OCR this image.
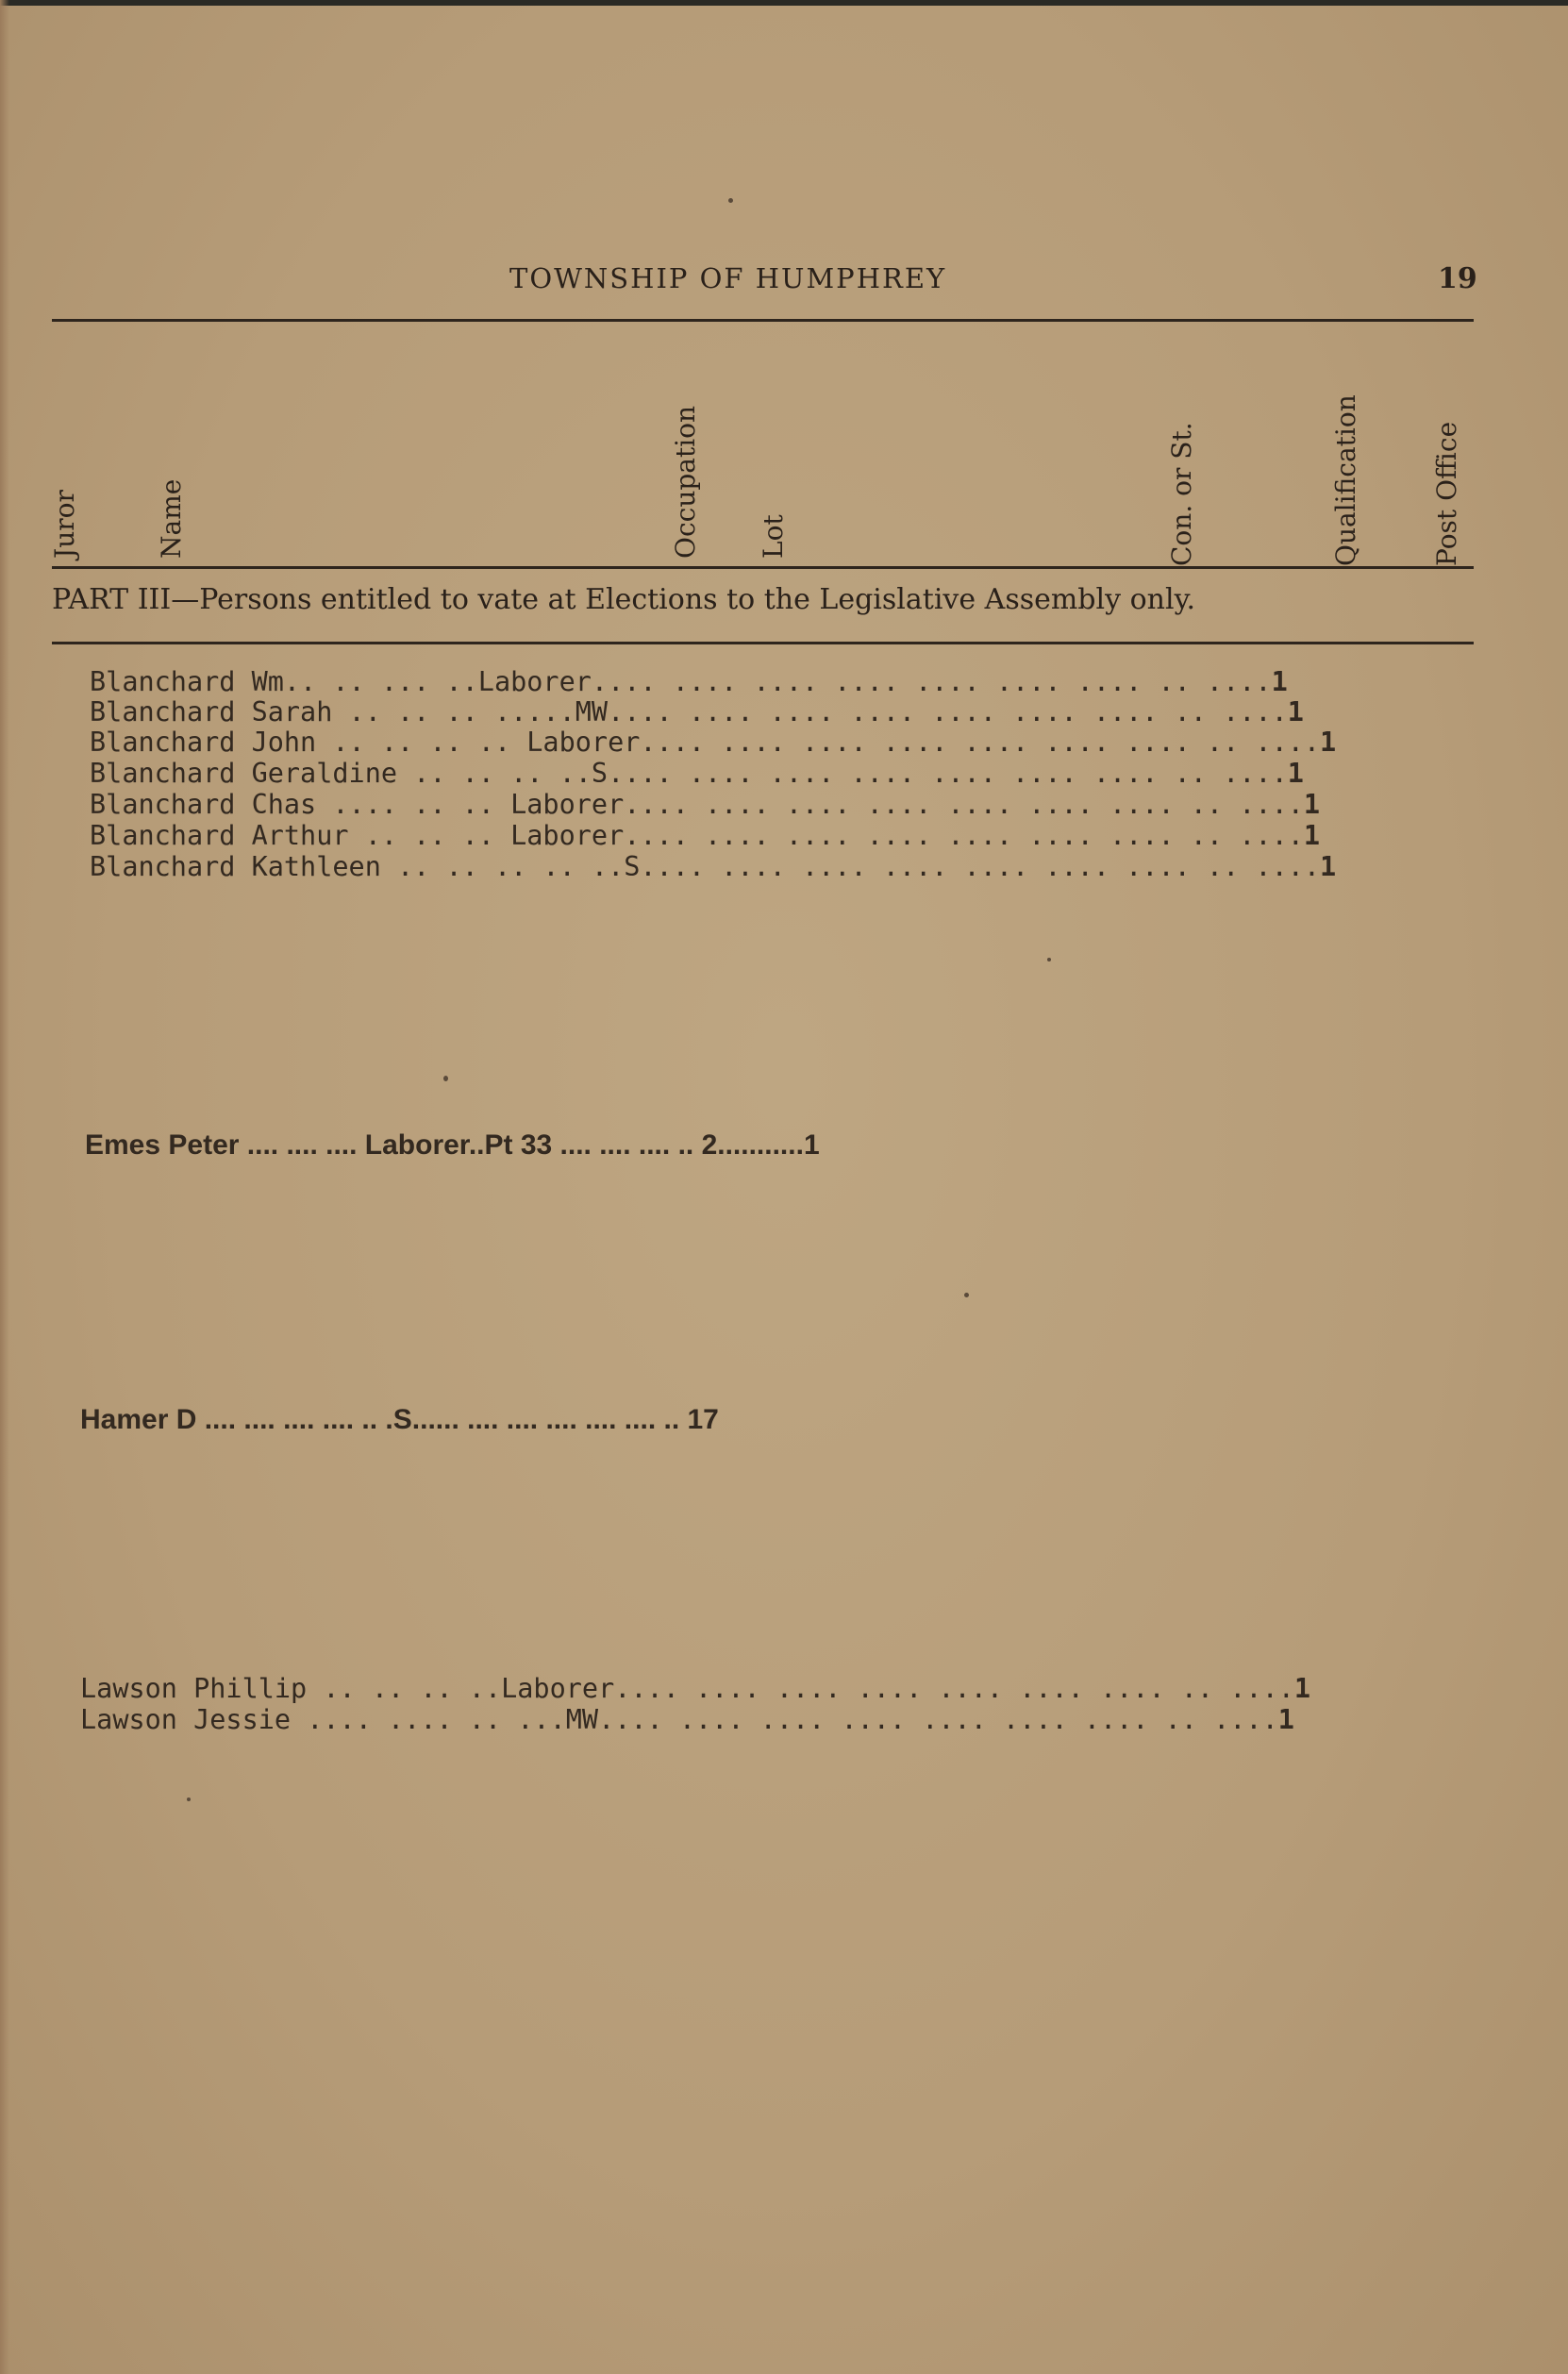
TOWNSHIP OF HUMPHREY	19
Juror	Name	Occupation Lot	Con. or St.	Qualification	Post Office
PART III—Persons entitled to vate at Elections to the Legislative Assembly only.
Blanchard Wm.. .. ... ..Laborer.... .... .... .... .... .... .... .. ....1
Blanchard Sarah .. .. .. .....MW.... .... .... .... .... .... .... .. ....1
Blanchard John .. .. .. .. Laborer.... .... .... .... .... .... .... .. ....1
Blanchard Geraldine .. .. .. ..S.... .... .... .... .... .... .... .. ....1
Blanchard Chas .... .. .. Laborer.... .... .... .... .... .... .... .. ....1
Blanchard Arthur .. .. .. Laborer.... .... .... .... .... .... .... .. ....1
Blanchard Kathleen .. .. .. .. ..S.... .... .... .... .... .... .... .. ....1
Emes Peter .... .... .... Laborer..Pt 33 .... .... .... .. 2...........1
Hamer D .... .... .... .... .. .S...... .... .... .... .... .... .. 17
Lawson Phillip .. .. .. ..Laborer.... .... .... .... .... .... .... .. ....1
Lawson Jessie .... .... .. ...MW.... .... .... .... .... .... .... .. ....1
